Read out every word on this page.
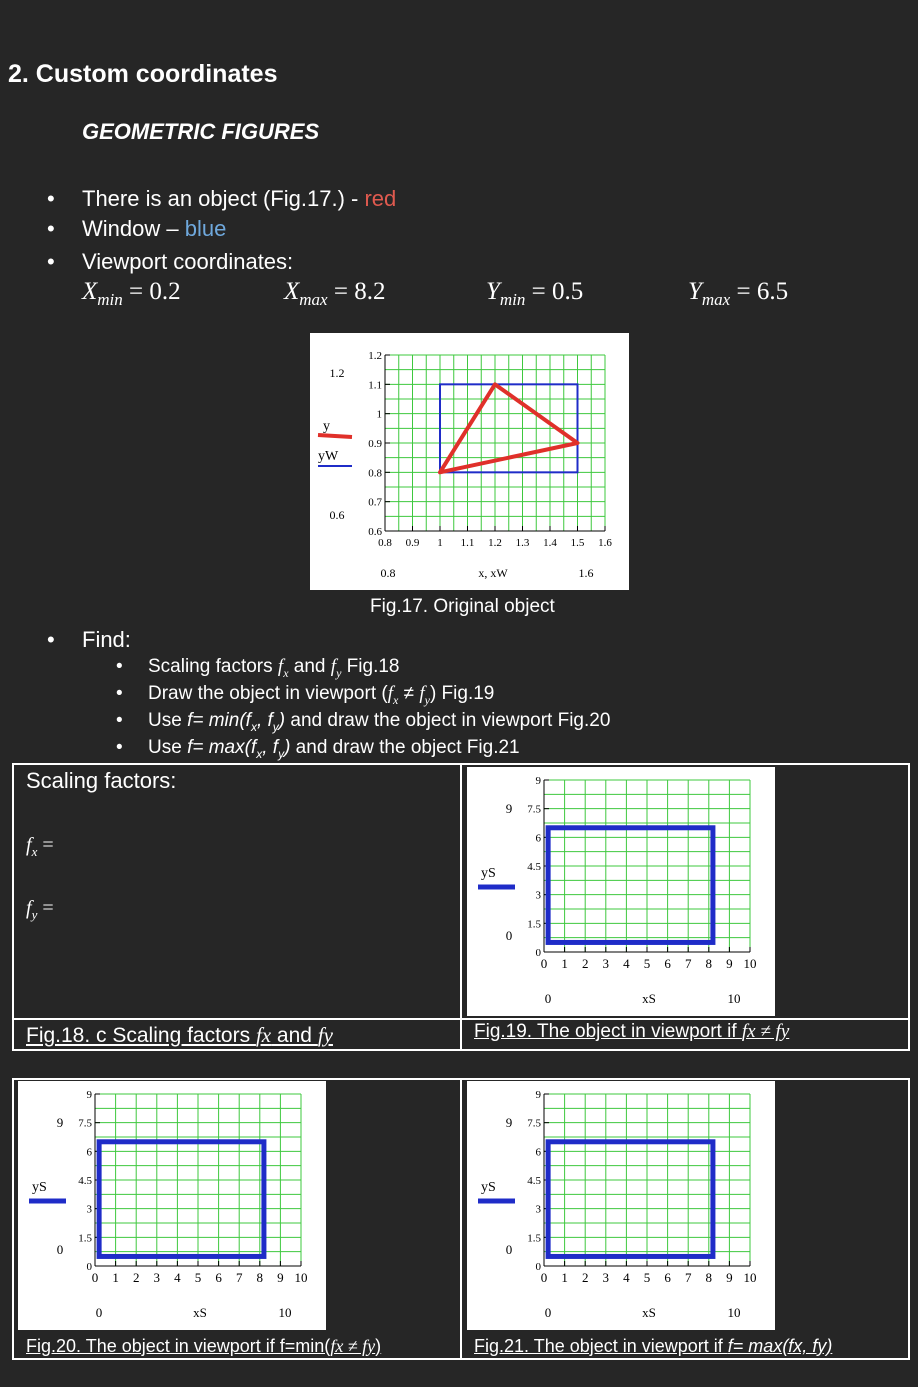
2. Custom coordinates
GEOMETRIC FIGURES
• There is an object (Fig.17.) - red
• Window – blue
• Viewport coordinates:
$X_{min} = 0.2$	$X_{max} = 8.2$	$Y_{min} = 0.5$	$Y_{max} = 6.5$
1.2
1.1
1
0.9
0.8
0.7
0.6
0.8 0.9 1 1.1 1.2 1.3 1.4 1.5 1.6
1.2
0.6
y
yW
0.8	x, xW	1.6
Fig.17. Original object
• Find:
• Scaling factors $f_x$ and $f_y$ Fig.18
• Draw the object in viewport $(f_x \ne f_y)$ Fig.19
• Use $f= \min(f_x$, $f_y$) and draw the object in viewport Fig.20
• Use $f= \max(f_x$, $f_y$) and draw the object Fig.21
Scaling factors:
$f_x$ =
$f_y$ =
Fig.18. c Scaling factors fx and fy
9
7.5
6
4.5
3
1.5
0
0 1 2 3 4 5 6 7 8 9 10
9
0
yS
0	xS	10
Fig.19. The object in viewport if fx ≠ fy
9
7.5
6
4.5
3
1.5
0
0 1 2 3 4 5 6 7 8 9 10
9
0
yS
0	xS	10
Fig.20. The object in viewport if f=min(fx ≠ fy)
9
7.5
6
4.5
3
1.5
0
0 1 2 3 4 5 6 7 8 9 10
9
0
yS
0	xS	10
Fig.21. The object in viewport if f= max(fx, fy)
